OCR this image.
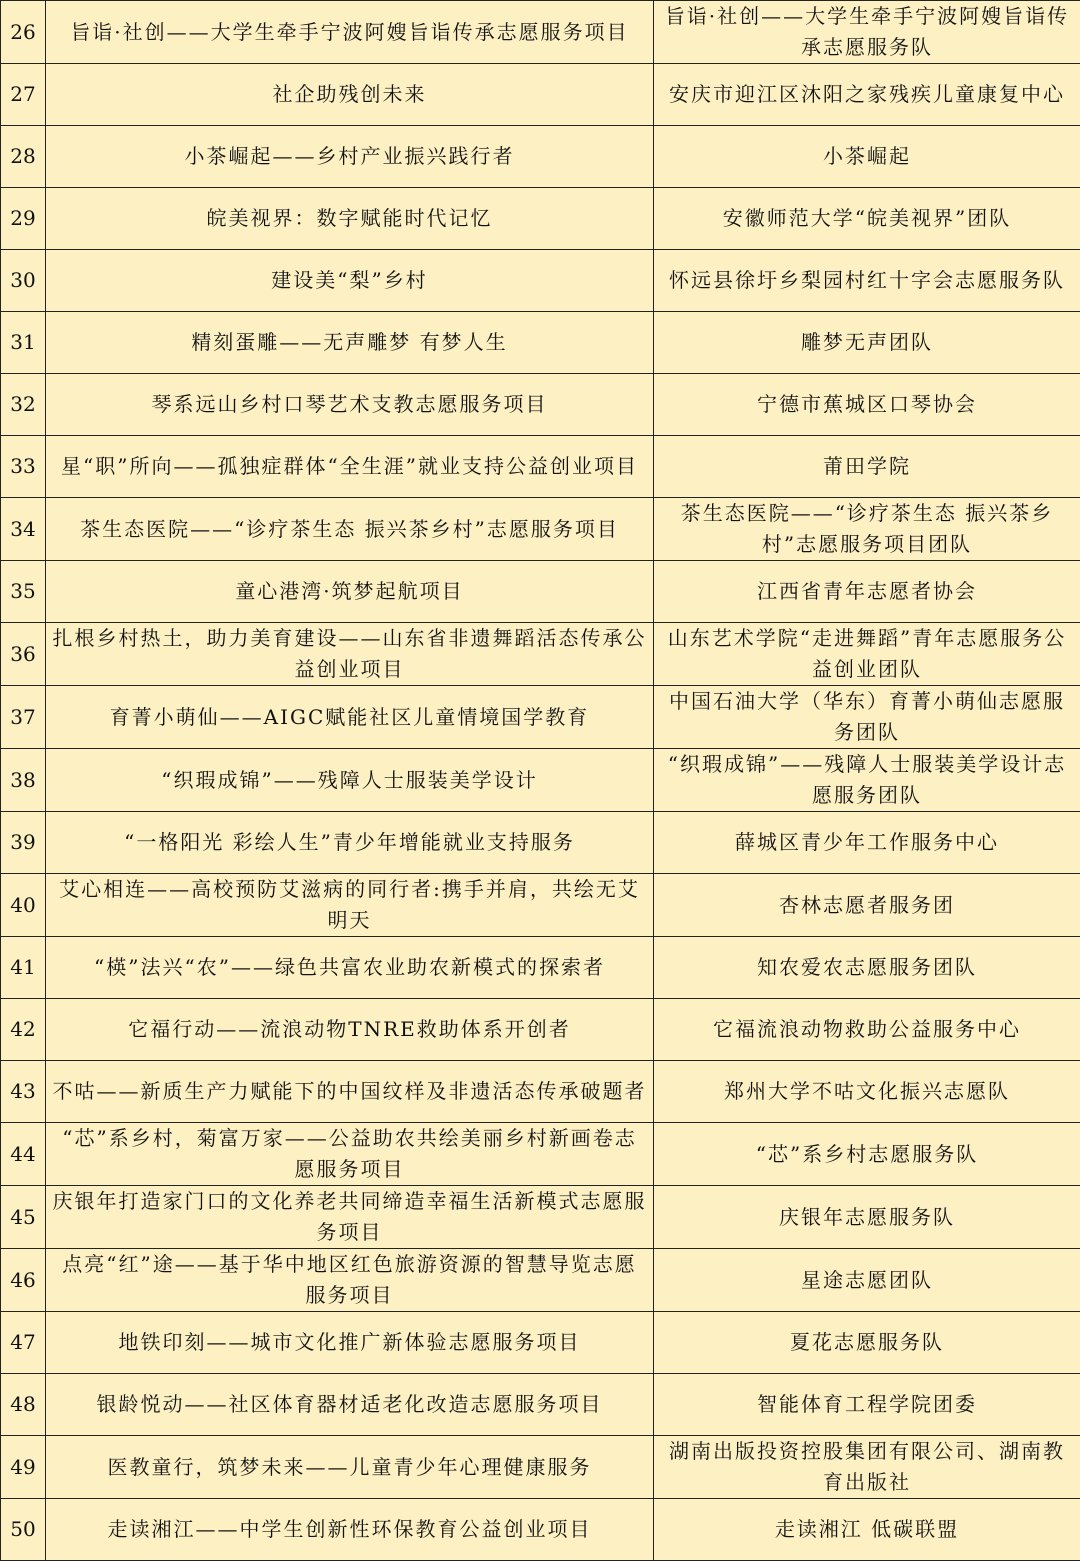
26	旨诣·社创——大学生牵手宁波阿嫂旨诣传承志愿服务项目	旨诣·社创——大学生牵手宁波阿嫂旨诣传承志愿服务队
27	社企助残创未来	安庆市迎江区沐阳之家残疾儿童康复中心
28	小茶崛起——乡村产业振兴践行者	小茶崛起
29	皖美视界：数字赋能时代记忆	安徽师范大学“皖美视界”团队
30	建设美“梨”乡村	怀远县徐圩乡梨园村红十字会志愿服务队
31	精刻蛋雕——无声雕梦 有梦人生	雕梦无声团队
32	琴系远山乡村口琴艺术支教志愿服务项目	宁德市蕉城区口琴协会
33	星“职”所向——孤独症群体“全生涯”就业支持公益创业项目	莆田学院
34	茶生态医院——“诊疗茶生态 振兴茶乡村”志愿服务项目	茶生态医院——“诊疗茶生态 振兴茶乡村”志愿服务项目团队
35	童心港湾·筑梦起航项目	江西省青年志愿者协会
36	扎根乡村热土，助力美育建设——山东省非遗舞蹈活态传承公益创业项目	山东艺术学院“走进舞蹈”青年志愿服务公益创业团队
37	育菁小萌仙——AIGC赋能社区儿童情境国学教育	中国石油大学（华东）育菁小萌仙志愿服务团队
38	“织瑕成锦”——残障人士服装美学设计	“织瑕成锦”——残障人士服装美学设计志愿服务团队
39	“一格阳光 彩绘人生”青少年增能就业支持服务	薛城区青少年工作服务中心
40	艾心相连——高校预防艾滋病的同行者:携手并肩，共绘无艾明天	杏林志愿者服务团
41	“楧”法兴“农”——绿色共富农业助农新模式的探索者	知农爱农志愿服务团队
42	它福行动——流浪动物TNRE救助体系开创者	它福流浪动物救助公益服务中心
43	不咕——新质生产力赋能下的中国纹样及非遗活态传承破题者	郑州大学不咕文化振兴志愿队
44	“芯”系乡村，菊富万家——公益助农共绘美丽乡村新画卷志愿服务项目	“芯”系乡村志愿服务队
45	庆银年打造家门口的文化养老共同缔造幸福生活新模式志愿服务项目	庆银年志愿服务队
46	点亮“红”途——基于华中地区红色旅游资源的智慧导览志愿服务项目	星途志愿团队
47	地铁印刻——城市文化推广新体验志愿服务项目	夏花志愿服务队
48	银龄悦动——社区体育器材适老化改造志愿服务项目	智能体育工程学院团委
49	医教童行，筑梦未来——儿童青少年心理健康服务	湖南出版投资控股集团有限公司、湖南教育出版社
50	走读湘江——中学生创新性环保教育公益创业项目	走读湘江 低碳联盟
